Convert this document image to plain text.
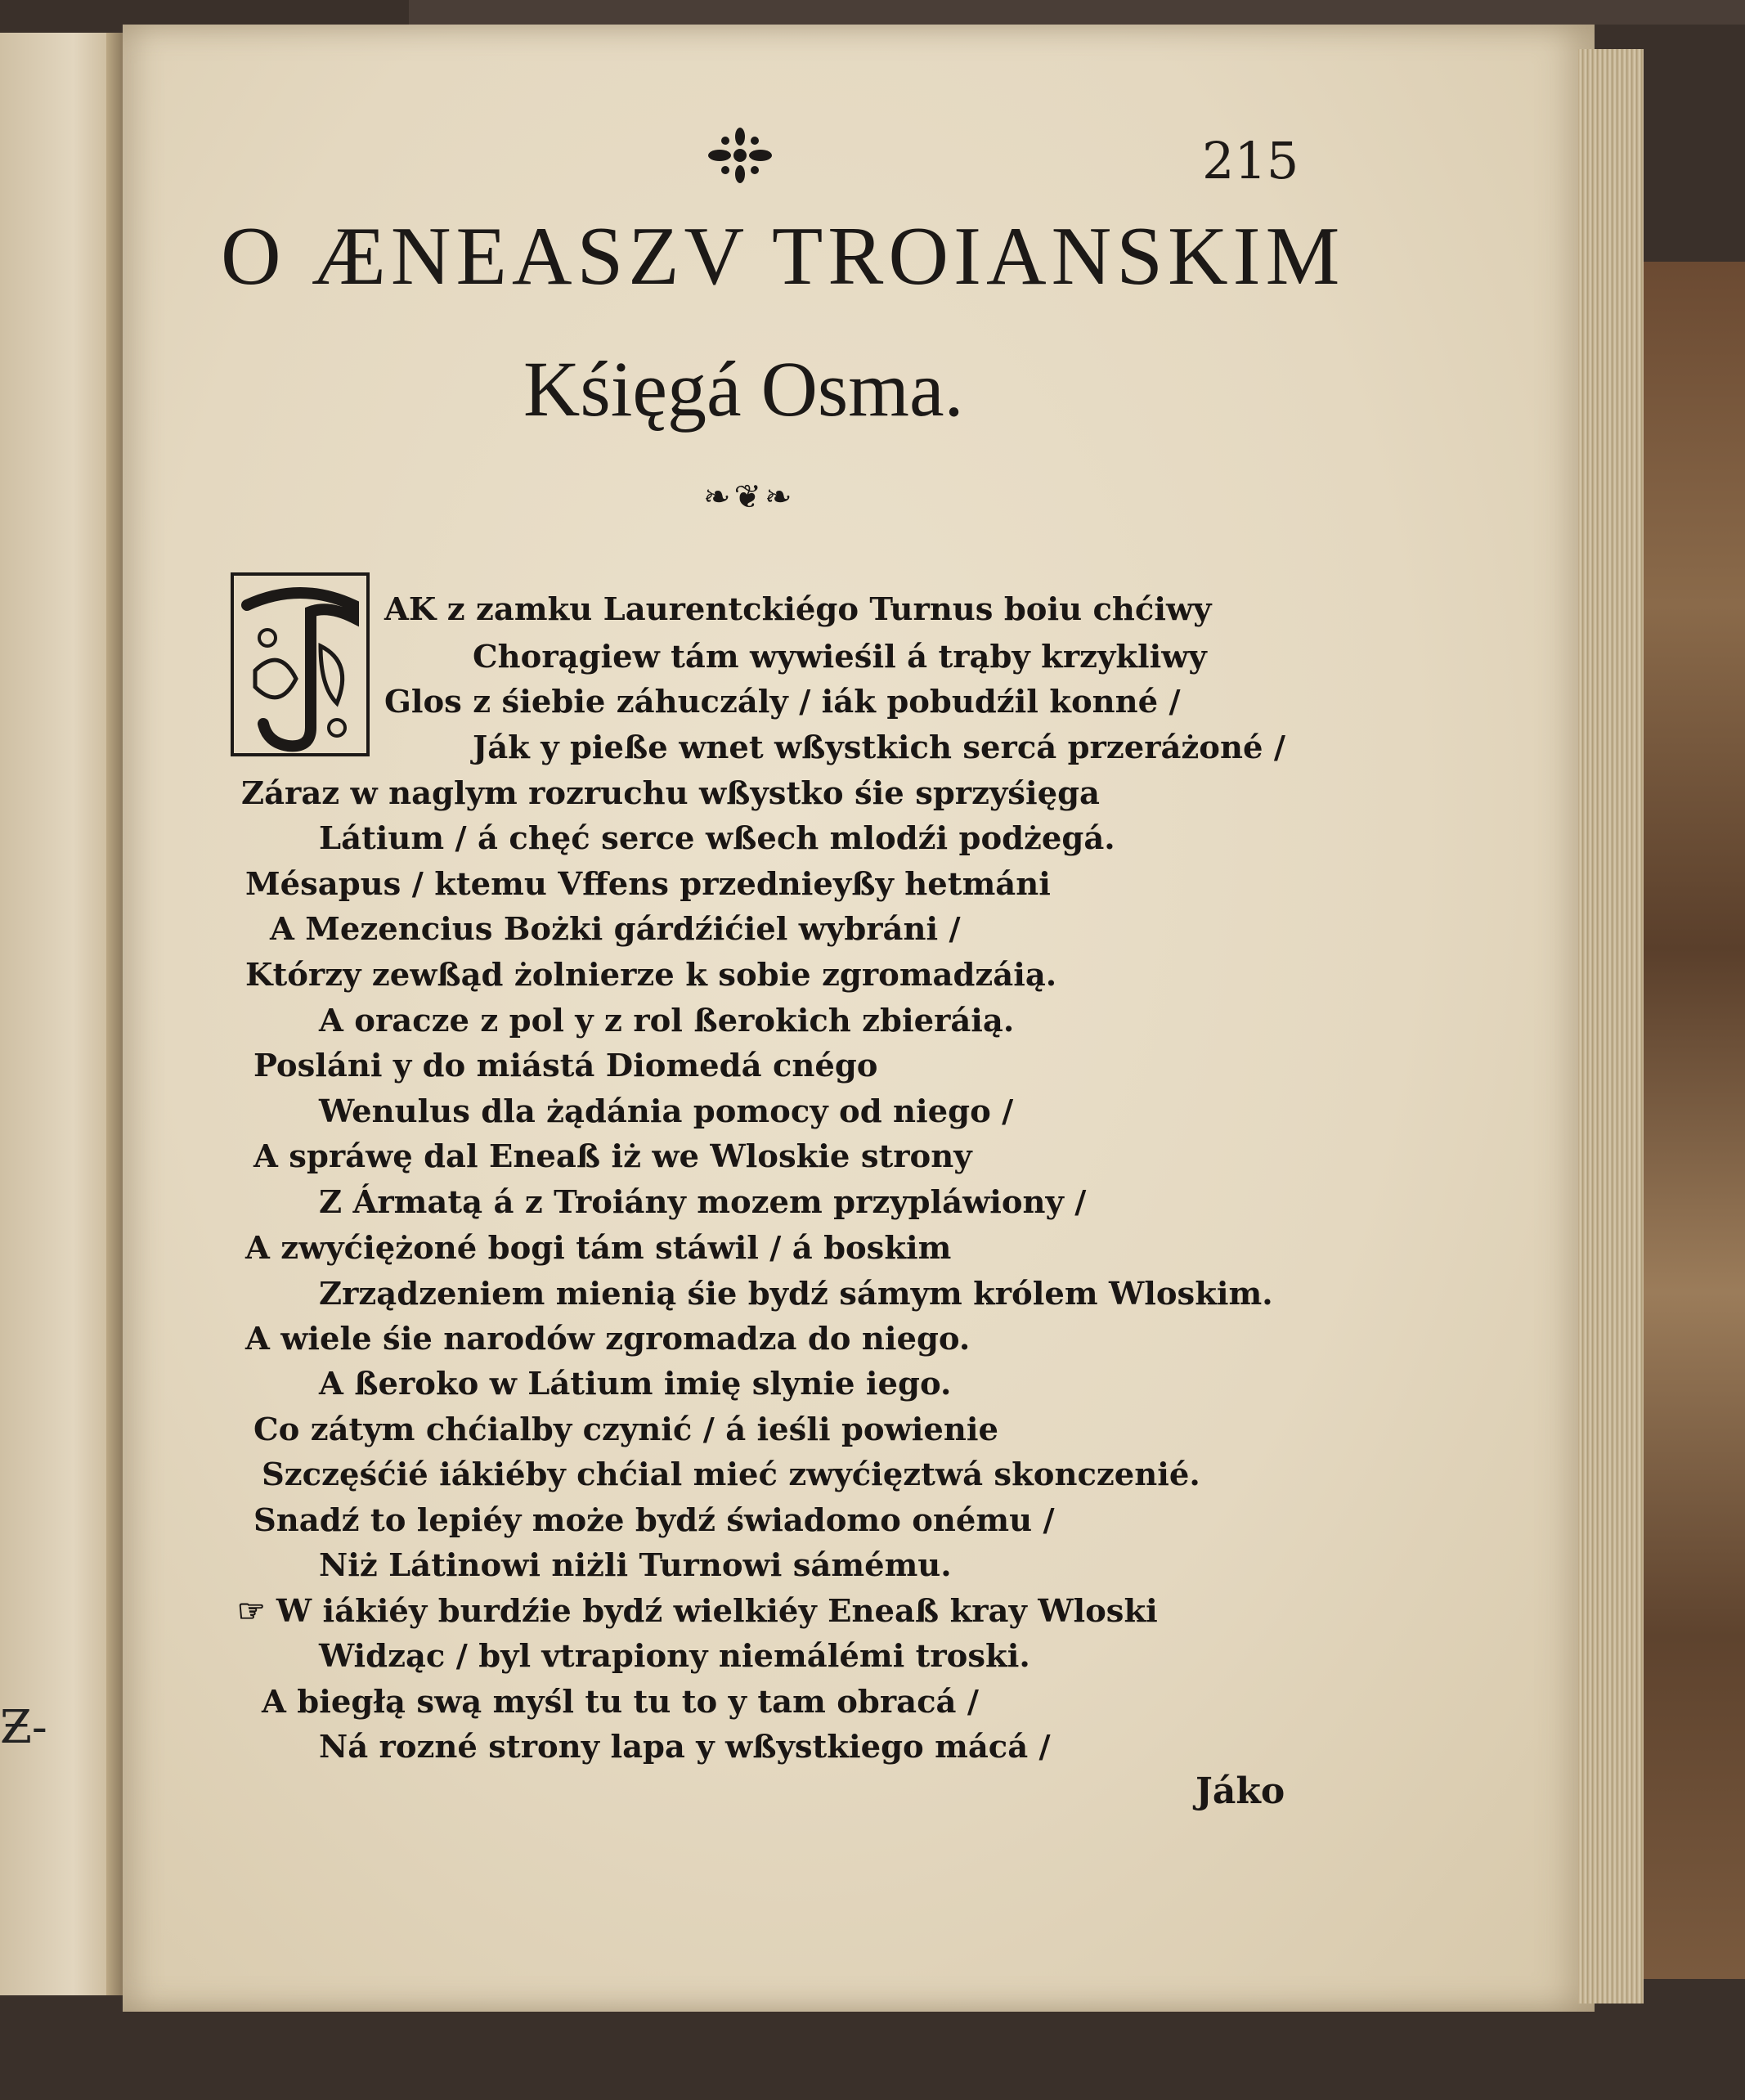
Ƶ-
215
O ÆNEASZV TROIANSKIM
Kśięgá Osma.
❧❦❧
AK z zamku Laurentckiégo Turnus boiu chćiwy
Chorągiew tám wywieśil á trąby krzykliwy
Glos z śiebie záhuczály / iák pobudźil konné /
Ják y pieße wnet wßystkich sercá przeráżoné /
Záraz w naglym rozruchu wßystko śie sprzyśięga
Látium / á chęć serce wßech mlodźi podżegá.
Mésapus / ktemu Vffens przednieyßy hetmáni
A Mezencius Bożki gárdźićiel wybráni /
Którzy zewßąd żolnierze k sobie zgromadzáią.
A oracze z pol y z rol ßerokich zbieráią.
Posláni y do miástá Diomedá cnégo
Wenulus dla żądánia pomocy od niego /
A spráwę dal Eneaß iż we Wloskie strony
Z Ármatą á z Troiány mozem przypláwiony /
A zwyćiężoné bogi tám stáwil / á boskim
Zrządzeniem mienią śie bydź sámym królem Wloskim.
A wiele śie narodów zgromadza do niego.
A ßeroko w Látium imię slynie iego.
Co zátym chćialby czynić / á ieśli powienie
Szczęśćié iákiéby chćial mieć zwyćięztwá skonczenié.
Snadź to lepiéy może bydź świadomo onému /
Niż Látinowi niżli Turnowi sámému.
☞ W iákiéy burdźie bydź wielkiéy Eneaß kray Wloski
Widząc / byl vtrapiony niemálémi troski.
A biegłą swą myśl tu tu to y tam obracá /
Ná rozné strony lapa y wßystkiego mácá /
Jáko
